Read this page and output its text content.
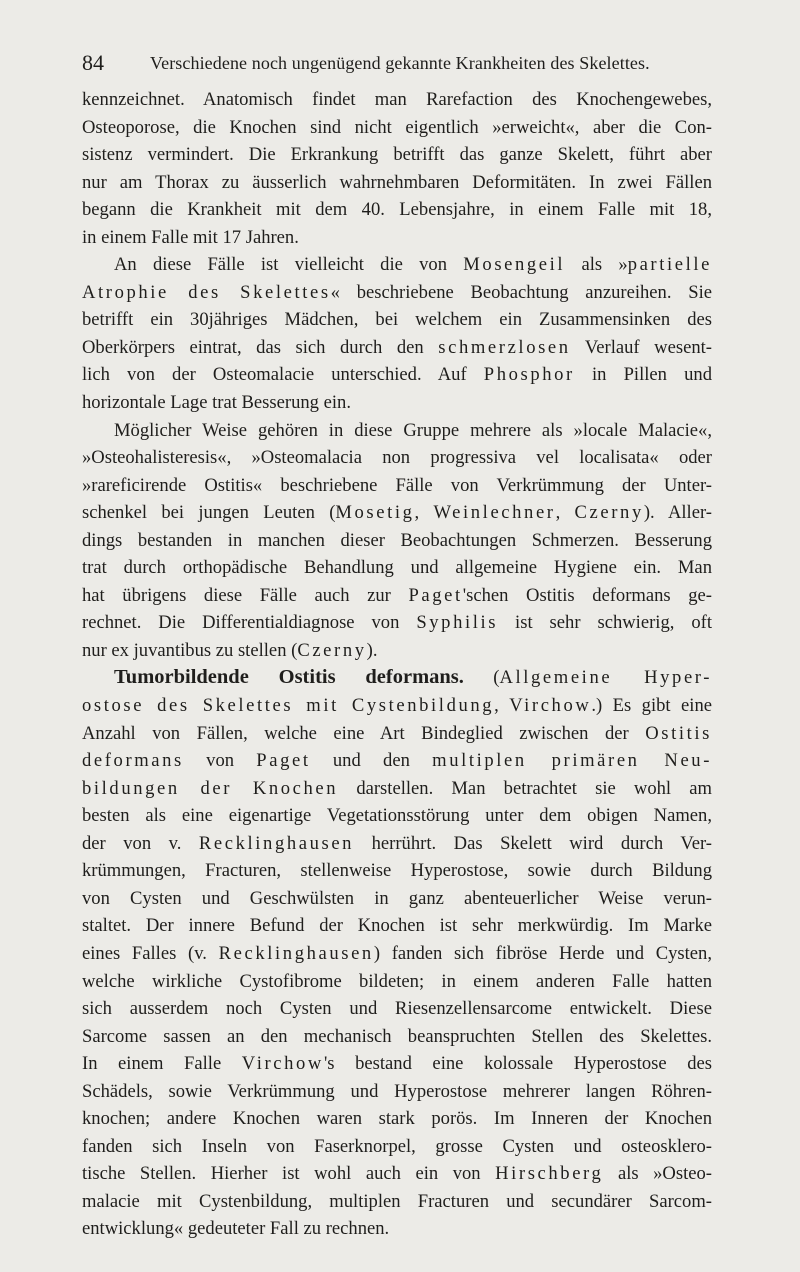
84	Verschiedene noch ungenügend gekannte Krankheiten des Skelettes.
kennzeichnet. Anatomisch findet man Rarefaction des Knochengewebes,
Osteoporose, die Knochen sind nicht eigentlich »erweicht«, aber die Con-
sistenz vermindert. Die Erkrankung betrifft das ganze Skelett, führt aber
nur am Thorax zu äusserlich wahrnehmbaren Deformitäten. In zwei Fällen
begann die Krankheit mit dem 40. Lebensjahre, in einem Falle mit 18,
in einem Falle mit 17 Jahren.
An diese Fälle ist vielleicht die von Mosengeil als »partielle
Atrophie des Skelettes« beschriebene Beobachtung anzureihen. Sie
betrifft ein 30jähriges Mädchen, bei welchem ein Zusammensinken des
Oberkörpers eintrat, das sich durch den schmerzlosen Verlauf wesent-
lich von der Osteomalacie unterschied. Auf Phosphor in Pillen und
horizontale Lage trat Besserung ein.
Möglicher Weise gehören in diese Gruppe mehrere als »locale Malacie«,
»Osteohalisteresis«, »Osteomalacia non progressiva vel localisata« oder
»rareficirende Ostitis« beschriebene Fälle von Verkrümmung der Unter-
schenkel bei jungen Leuten (Mosetig, Weinlechner, Czerny). Aller-
dings bestanden in manchen dieser Beobachtungen Schmerzen. Besserung
trat durch orthopädische Behandlung und allgemeine Hygiene ein. Man
hat übrigens diese Fälle auch zur Paget'schen Ostitis deformans ge-
rechnet. Die Differentialdiagnose von Syphilis ist sehr schwierig, oft
nur ex juvantibus zu stellen (Czerny).
Tumorbildende Ostitis deformans. (Allgemeine Hyper-
ostose des Skelettes mit Cystenbildung, Virchow.) Es gibt eine
Anzahl von Fällen, welche eine Art Bindeglied zwischen der Ostitis
deformans von Paget und den multiplen primären Neu-
bildungen der Knochen darstellen. Man betrachtet sie wohl am
besten als eine eigenartige Vegetationsstörung unter dem obigen Namen,
der von v. Recklinghausen herrührt. Das Skelett wird durch Ver-
krümmungen, Fracturen, stellenweise Hyperostose, sowie durch Bildung
von Cysten und Geschwülsten in ganz abenteuerlicher Weise verun-
staltet. Der innere Befund der Knochen ist sehr merkwürdig. Im Marke
eines Falles (v. Recklinghausen) fanden sich fibröse Herde und Cysten,
welche wirkliche Cystofibrome bildeten; in einem anderen Falle hatten
sich ausserdem noch Cysten und Riesenzellensarcome entwickelt. Diese
Sarcome sassen an den mechanisch beanspruchten Stellen des Skelettes.
In einem Falle Virchow's bestand eine kolossale Hyperostose des
Schädels, sowie Verkrümmung und Hyperostose mehrerer langen Röhren-
knochen; andere Knochen waren stark porös. Im Inneren der Knochen
fanden sich Inseln von Faserknorpel, grosse Cysten und osteosklero-
tische Stellen. Hierher ist wohl auch ein von Hirschberg als »Osteo-
malacie mit Cystenbildung, multiplen Fracturen und secundärer Sarcom-
entwicklung« gedeuteter Fall zu rechnen.
